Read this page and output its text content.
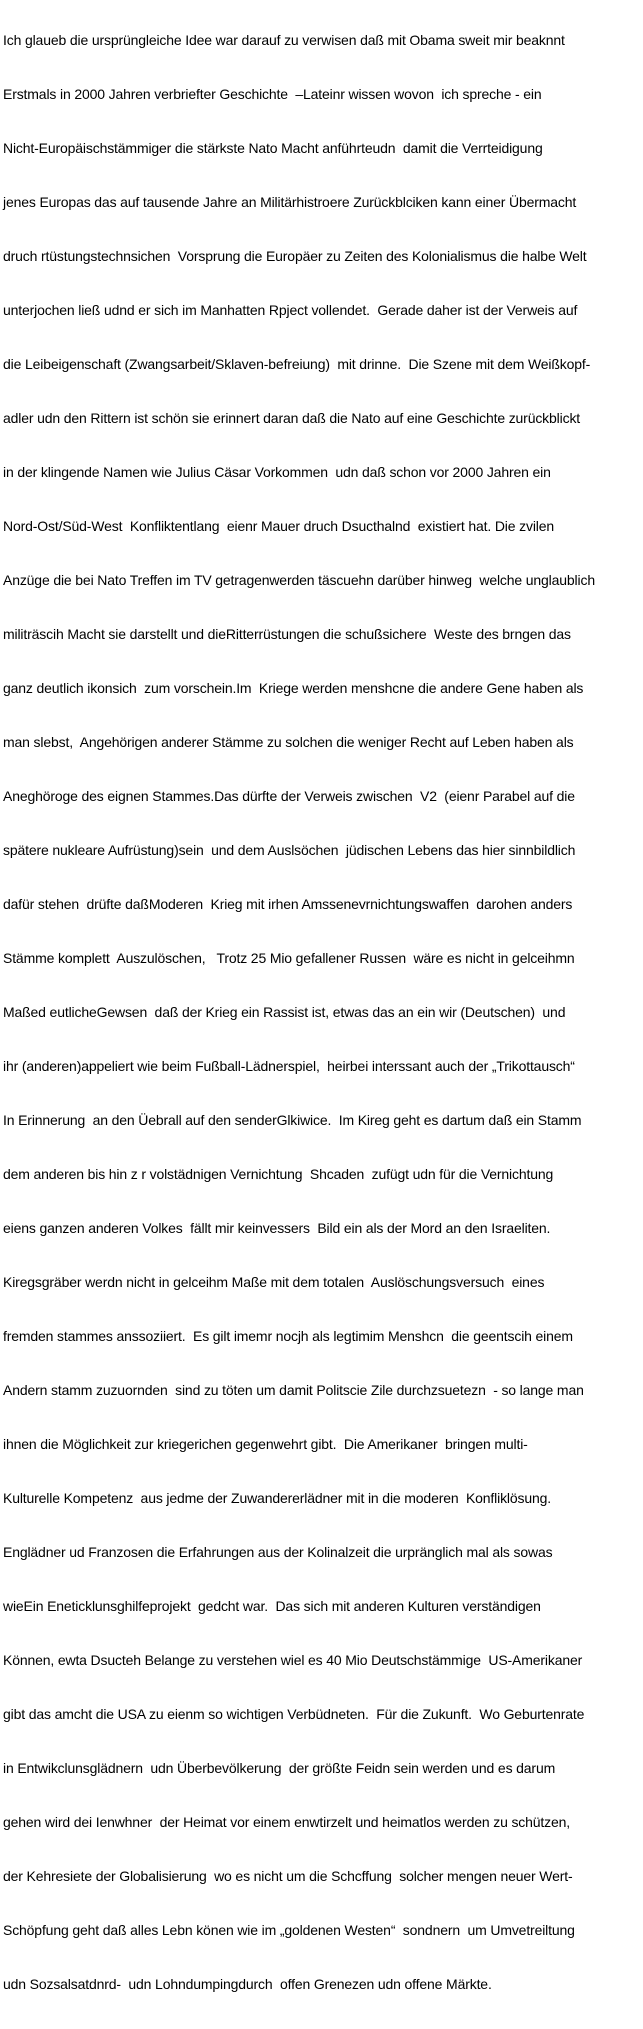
Ich glaueb die ursprüngleiche Idee war darauf zu verwisen daß mit Obama sweit mir beaknnt

Erstmals in 2000 Jahren verbriefter Geschichte  –Lateinr wissen wovon  ich spreche - ein

Nicht-Europäischstämmiger die stärkste Nato Macht anführteudn  damit die Verrteidigung

jenes Europas das auf tausende Jahre an Militärhistroere Zurückblciken kann einer Übermacht

druch rtüstungstechnsichen  Vorsprung die Europäer zu Zeiten des Kolonialismus die halbe Welt

unterjochen ließ udnd er sich im Manhatten Rpject vollendet.  Gerade daher ist der Verweis auf

die Leibeigenschaft (Zwangsarbeit/Sklaven-befreiung)  mit drinne.  Die Szene mit dem Weißkopf-

adler udn den Rittern ist schön sie erinnert daran daß die Nato auf eine Geschichte zurückblickt

in der klingende Namen wie Julius Cäsar Vorkommen  udn daß schon vor 2000 Jahren ein

Nord-Ost/Süd-West  Konfliktentlang  eienr Mauer druch Dsucthalnd  existiert hat. Die zvilen

Anzüge die bei Nato Treffen im TV getragenwerden täscuehn darüber hinweg  welche unglaublich

militräscih Macht sie darstellt und dieRitterrüstungen die schußsichere  Weste des brngen das

ganz deutlich ikonsich  zum vorschein.Im  Kriege werden menshcne die andere Gene haben als

man slebst,  Angehörigen anderer Stämme zu solchen die weniger Recht auf Leben haben als

Aneghöroge des eignen Stammes.Das dürfte der Verweis zwischen  V2  (eienr Parabel auf die

spätere nukleare Aufrüstung)sein  und dem Auslsöchen  jüdischen Lebens das hier sinnbildlich

dafür stehen  drüfte daßModeren  Krieg mit irhen Amssenevrnichtungswaffen  darohen anders

Stämme komplett  Auszulöschen,   Trotz 25 Mio gefallener Russen  wäre es nicht in gelceihmn

Maßed eutlicheGewsen  daß der Krieg ein Rassist ist, etwas das an ein wir (Deutschen)  und

ihr (anderen)appeliert wie beim Fußball-Lädnerspiel,  heirbei interssant auch der „Trikottausch“

In Erinnerung  an den Üebrall auf den senderGlkiwice.  Im Kireg geht es dartum daß ein Stamm

dem anderen bis hin z r volstädnigen Vernichtung  Shcaden  zufügt udn für die Vernichtung

eiens ganzen anderen Volkes  fällt mir keinvessers  Bild ein als der Mord an den Israeliten.

Kiregsgräber werdn nicht in gelceihm Maße mit dem totalen  Auslöschungsversuch  eines

fremden stammes anssoziiert.  Es gilt imemr nocjh als legtimim Menshcn  die geentscih einem

Andern stamm zuzuornden  sind zu töten um damit Politscie Zile durchzsuetezn  - so lange man

ihnen die Möglichkeit zur kriegerichen gegenwehrt gibt.  Die Amerikaner  bringen multi-

Kulturelle Kompetenz  aus jedme der Zuwandererlädner mit in die moderen  Konfliklösung.

Englädner ud Franzosen die Erfahrungen aus der Kolinalzeit die urpränglich mal als sowas

wieEin Eneticklunsghilfeprojekt  gedcht war.  Das sich mit anderen Kulturen verständigen

Können, ewta Dsucteh Belange zu verstehen wiel es 40 Mio Deutschstämmige  US-Amerikaner

gibt das amcht die USA zu eienm so wichtigen Verbüdneten.  Für die Zukunft.  Wo Geburtenrate

in Entwikclunsglädnern  udn Überbevölkerung  der größte Feidn sein werden und es darum

gehen wird dei Ienwhner  der Heimat vor einem enwtirzelt und heimatlos werden zu schützen,

der Kehresiete der Globalisierung  wo es nicht um die Schcffung  solcher mengen neuer Wert-

Schöpfung geht daß alles Lebn könen wie im „goldenen Westen“  sondnern  um Umvetreiltung

udn Sozsalsatdnrd-  udn Lohndumpingdurch  offen Grenezen udn offene Märkte.
